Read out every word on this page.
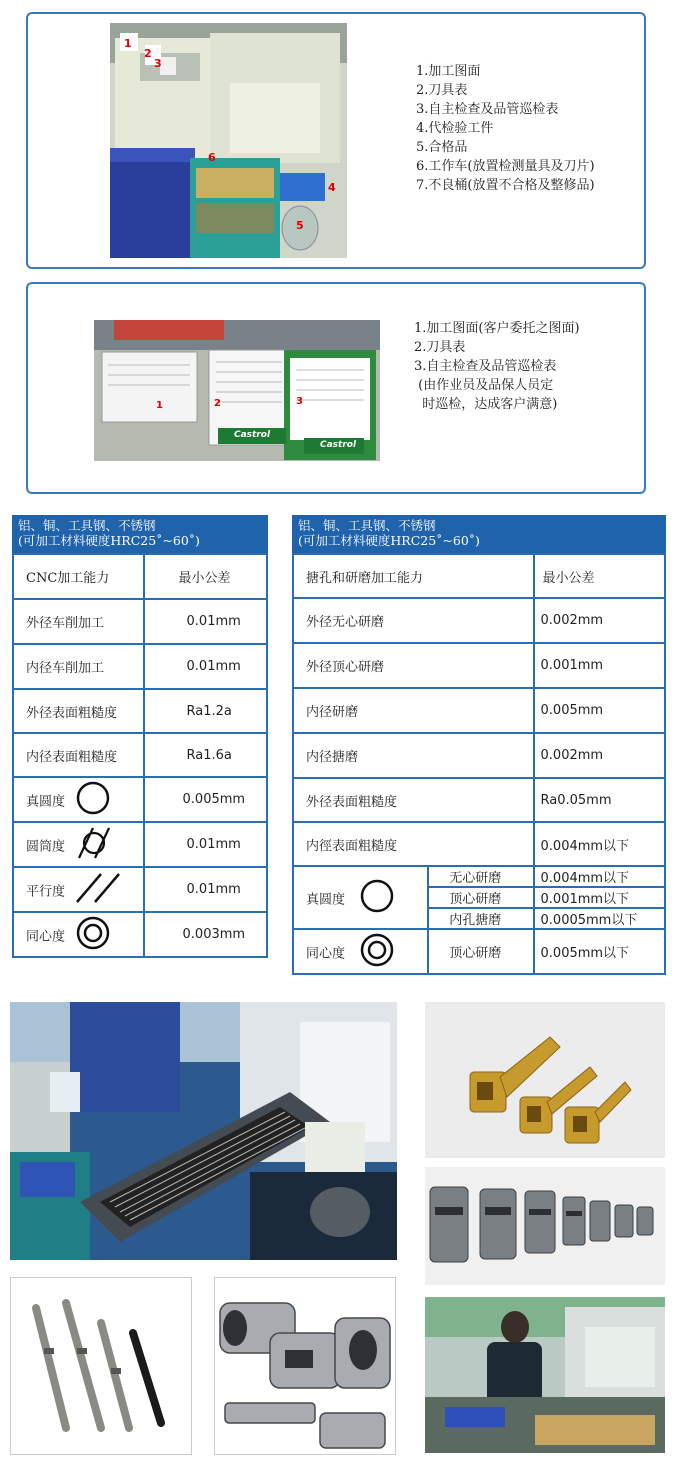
1
2
3
4
5
6
1.加工图面
2.刀具表
3.自主检查及品管巡检表
4.代检验工件
5.合格品
6.工作车(放置检测量具及刀片)
7.不良桶(放置不合格及整修品)
Castrol
Castrol
1	2	3
1.加工图面(客户委托之图面)
2.刀具表
3.自主检查及品管巡检表
(由作业员及品保人员定
时巡检，达成客户满意)
铝、铜、工具钢、不锈钢
(可加工材料硬度HRC25˚~60˚)
CNC加工能力	最小公差
外径车削加工	0.01mm
内径车削加工	0.01mm
外径表面粗糙度	Ra1.2a
内径表面粗糙度	Ra1.6a
真圆度	0.005mm
圆筒度	0.01mm
平行度	0.01mm
同心度	0.003mm
铝、铜、工具钢、不锈钢
(可加工材料硬度HRC25˚~60˚)
搪孔和研磨加工能力		最小公差
外径无心研磨		0.002mm
外径顶心研磨		0.001mm
内径研磨		0.005mm
内径搪磨		0.002mm
外径表面粗糙度		Ra0.05mm
内徑表面粗糙度		0.004mm以下
真圆度	无心研磨	0.004mm以下
	顶心研磨	0.001mm以下
	内孔搪磨	0.0005mm以下
同心度	顶心研磨	0.005mm以下
